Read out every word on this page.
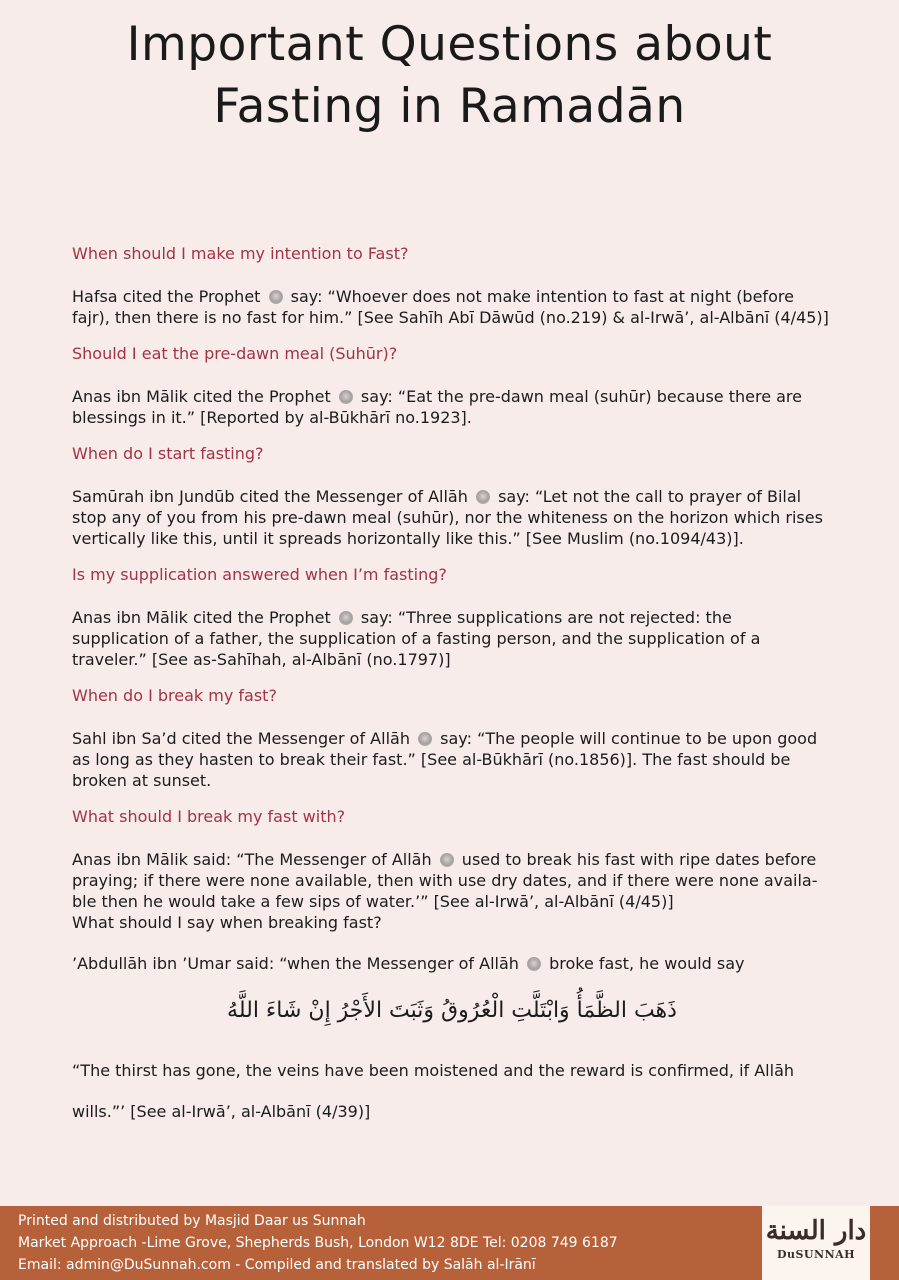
Important Questions about
Fasting in Ramadān

When should I make my intention to Fast?

Hafsa cited the Prophet say: “Whoever does not make intention to fast at night (before fajr), then there is no fast for him.” [See Sahīh Abī Dāwūd (no.219) & al-Irwā’, al-Albānī (4/45)]

Should I eat the pre-dawn meal (Suhūr)?

Anas ibn Mālik cited the Prophet say: “Eat the pre-dawn meal (suhūr) because there are blessings in it.” [Reported by al-Būkhārī no.1923].

When do I start fasting?

Samūrah ibn Jundūb cited the Messenger of Allāh say: “Let not the call to prayer of Bilal stop any of you from his pre-dawn meal (suhūr), nor the whiteness on the horizon which rises vertically like this, until it spreads horizontally like this.” [See Muslim (no.1094/43)].

Is my supplication answered when I’m fasting?

Anas ibn Mālik cited the Prophet say: “Three supplications are not rejected: the supplication of a father, the supplication of a fasting person, and the supplication of a traveler.” [See as-Sahīhah, al-Albānī (no.1797)]

When do I break my fast?

Sahl ibn Sa’d cited the Messenger of Allāh say: “The people will continue to be upon good as long as they hasten to break their fast.” [See al-Būkhārī (no.1856)]. The fast should be broken at sunset.

What should I break my fast with?

Anas ibn Mālik said: “The Messenger of Allāh used to break his fast with ripe dates before praying; if there were none available, then with use dry dates, and if there were none availa-ble then he would take a few sips of water.’” [See al-Irwā’, al-Albānī (4/45)]

What should I say when breaking fast?

’Abdullāh ibn ’Umar said: “when the Messenger of Allāh broke fast, he would say

ذَهَبَ الظَّمَأُ وَابْتَلَّتِ الْعُرُوقُ وَثَبَتَ الأَجْرُ إِنْ شَاءَ اللَّهُ

“The thirst has gone, the veins have been moistened and the reward is confirmed, if Allāh

wills.”’ [See al-Irwā’, al-Albānī (4/39)]

Printed and distributed by Masjid Daar us Sunnah
Market Approach -Lime Grove, Shepherds Bush, London W12 8DE Tel: 0208 749 6187
Email: admin@DuSunnah.com - Compiled and translated by Salāh al-Irānī
دار السنة
DuSUNNAH
